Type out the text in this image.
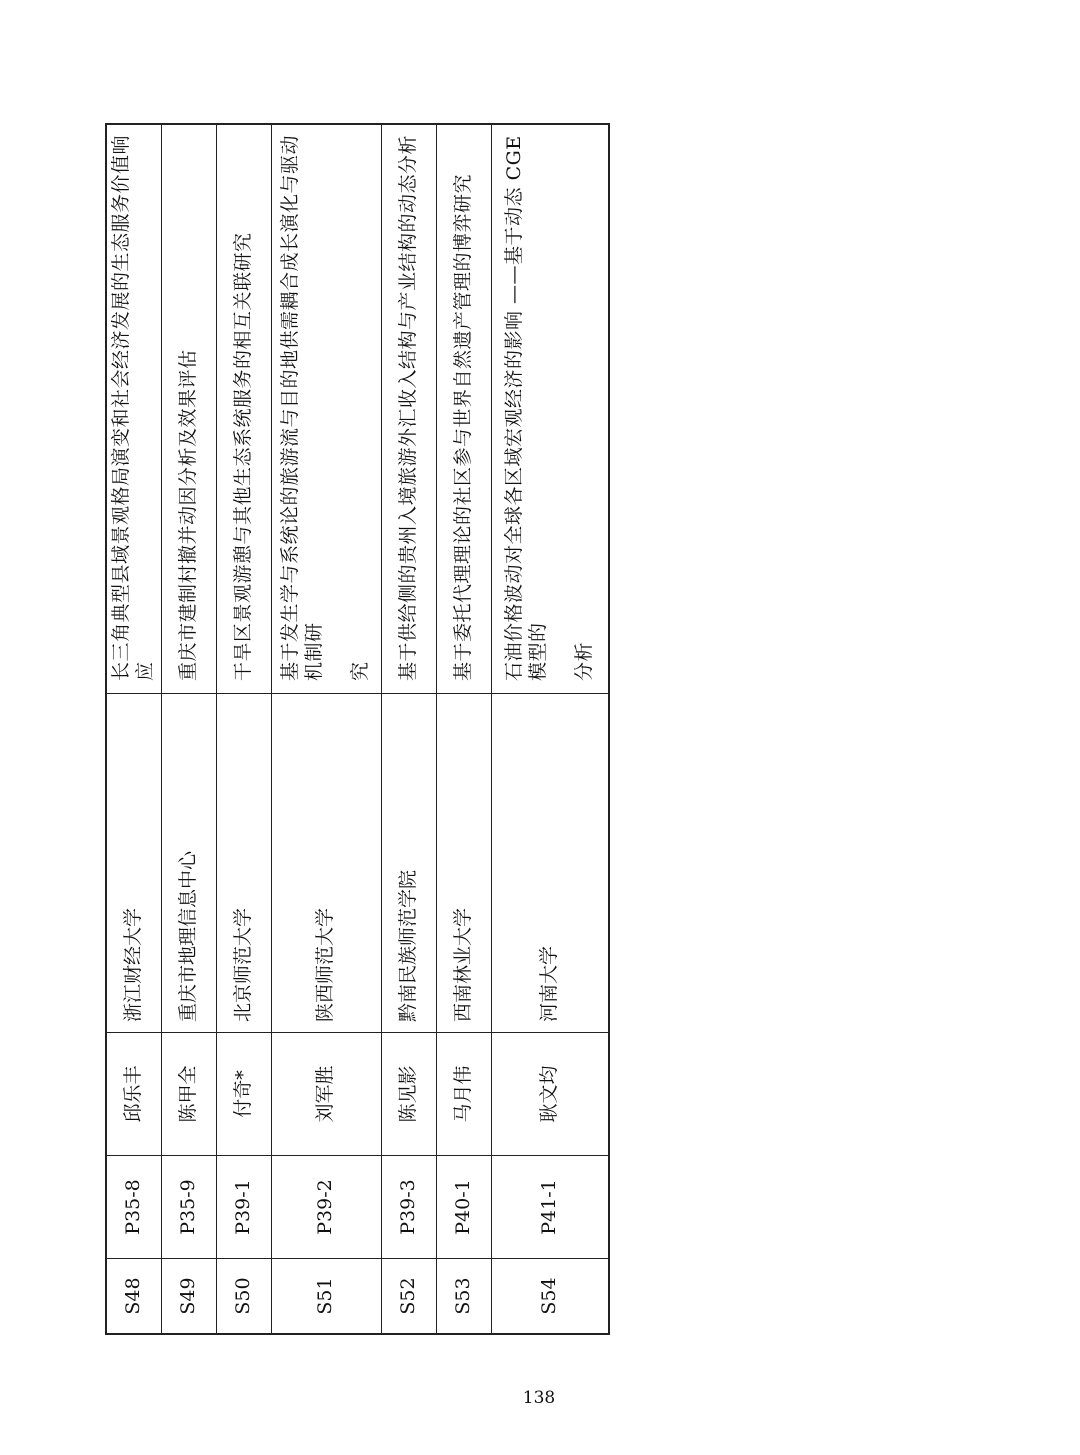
S48	P35-8	邱乐丰	浙江财经大学	长三角典型县域景观格局演变和社会经济发展的生态服务价值响应
S49	P35-9	陈甲全	重庆市地理信息中心	重庆市建制村撤并动因分析及效果评估
S50	P39-1	付奇*	北京师范大学	干旱区景观游憩与其他生态系统服务的相互关联研究
S51	P39-2	刘军胜	陕西师范大学	基于发生学与系统论的旅游流与目的地供需耦合成长演化与驱动机制研 究

S52	P39-3	陈见影	黔南民族师范学院	基于供给侧的贵州入境旅游外汇收入结构与产业结构的动态分析
S53	P40-1	马月伟	西南林业大学	基于委托代理理论的社区参与世界自然遗产管理的博弈研究
S54	P41-1	耿文均	河南大学	石油价格波动对全球各区域宏观经济的影响 ——基于动态 CGE 模型的 分析
138
